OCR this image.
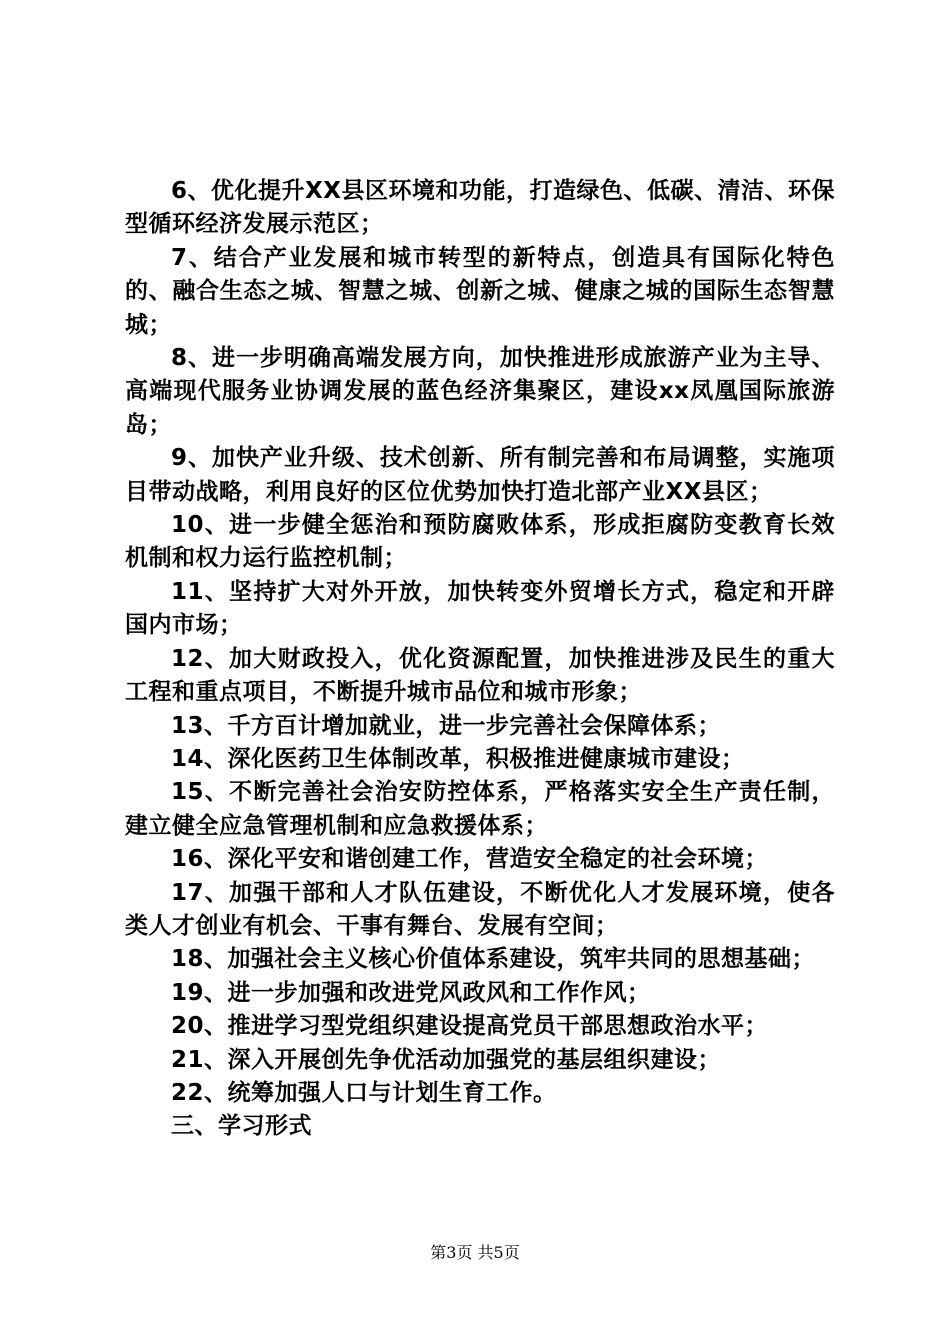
6、优化提升XX县区环境和功能，打造绿色、低碳、清洁、环保型循环经济发展示范区；

7、结合产业发展和城市转型的新特点，创造具有国际化特色的、融合生态之城、智慧之城、创新之城、健康之城的国际生态智慧城；

8、进一步明确高端发展方向，加快推进形成旅游产业为主导、高端现代服务业协调发展的蓝色经济集聚区，建设xx凤凰国际旅游岛；

9、加快产业升级、技术创新、所有制完善和布局调整，实施项目带动战略，利用良好的区位优势加快打造北部产业XX县区；

10、进一步健全惩治和预防腐败体系，形成拒腐防变教育长效机制和权力运行监控机制；

11、坚持扩大对外开放，加快转变外贸增长方式，稳定和开辟国内市场；

12、加大财政投入，优化资源配置，加快推进涉及民生的重大工程和重点项目，不断提升城市品位和城市形象；

13、千方百计增加就业，进一步完善社会保障体系；

14、深化医药卫生体制改革，积极推进健康城市建设；

15、不断完善社会治安防控体系，严格落实安全生产责任制，建立健全应急管理机制和应急救援体系；

16、深化平安和谐创建工作，营造安全稳定的社会环境；

17、加强干部和人才队伍建设，不断优化人才发展环境，使各类人才创业有机会、干事有舞台、发展有空间；

18、加强社会主义核心价值体系建设，筑牢共同的思想基础；

19、进一步加强和改进党风政风和工作作风；

20、推进学习型党组织建设提高党员干部思想政治水平；

21、深入开展创先争优活动加强党的基层组织建设；

22、统筹加强人口与计划生育工作。

三、学习形式

第3页 共5页
